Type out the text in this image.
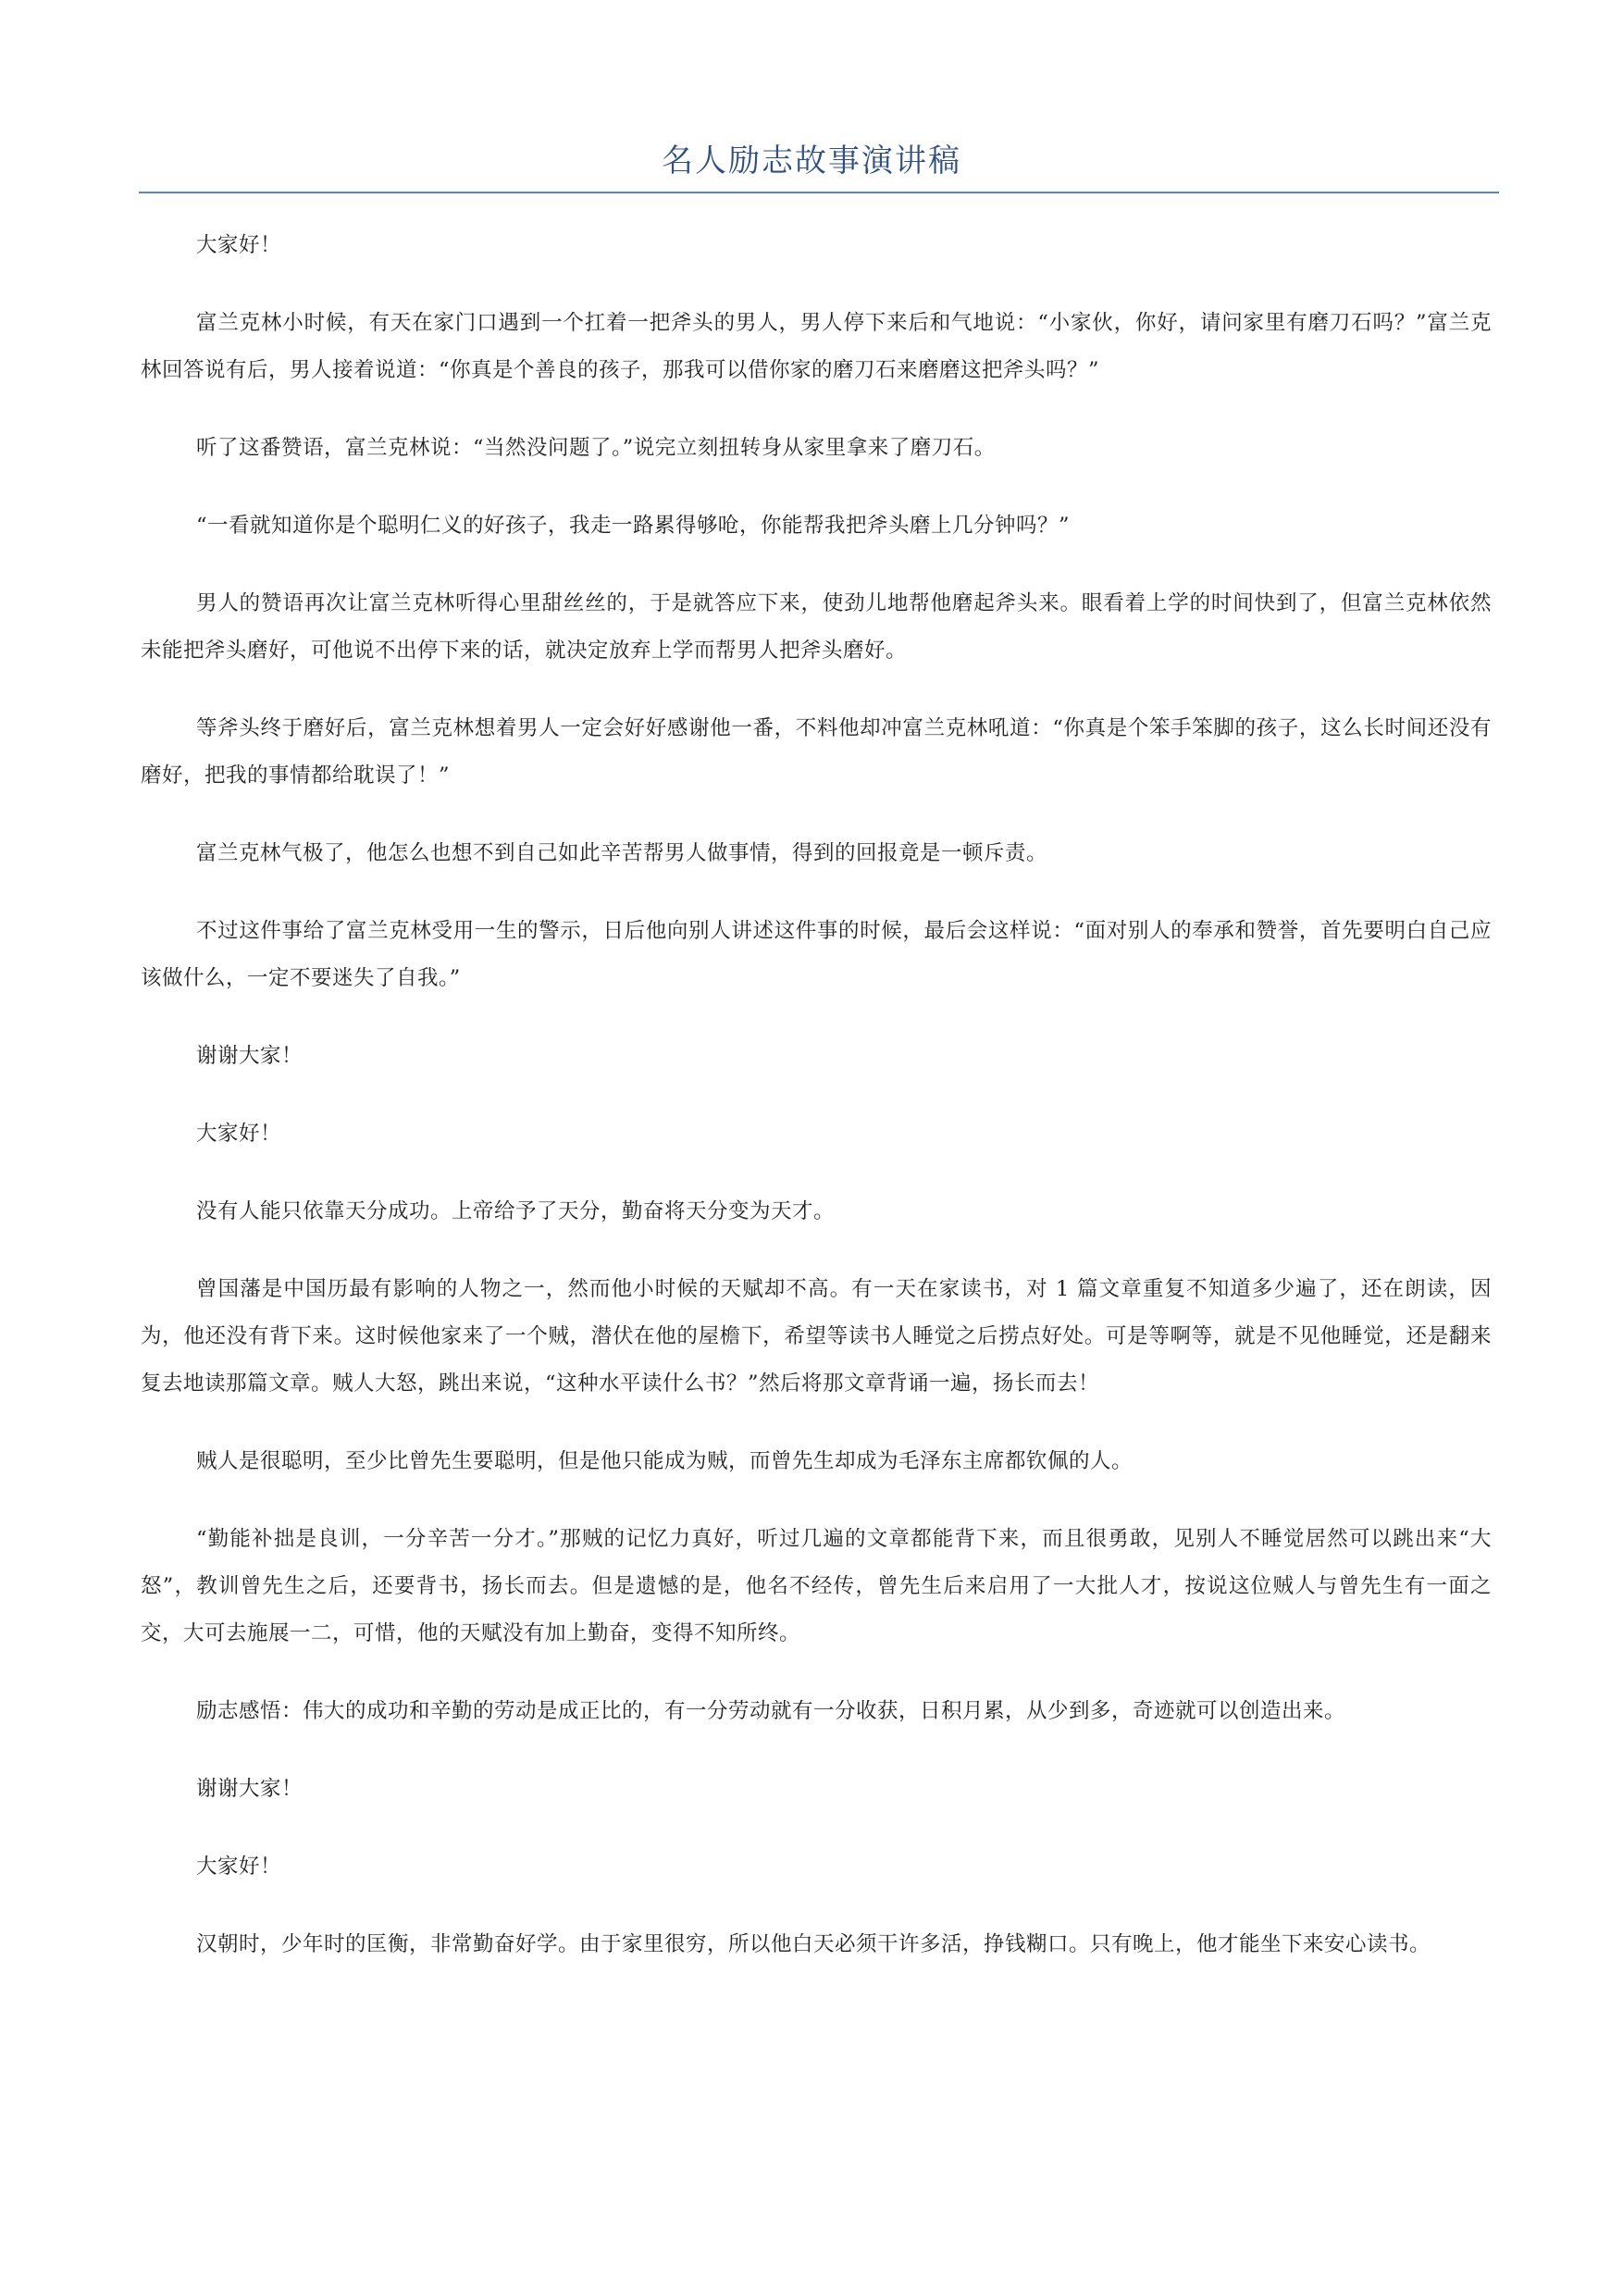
名人励志故事演讲稿

大家好！

富兰克林小时候，有天在家门口遇到一个扛着一把斧头的男人，男人停下来后和气地说：“小家伙，你好，请问家里有磨刀石吗？”富兰克林回答说有后，男人接着说道：“你真是个善良的孩子，那我可以借你家的磨刀石来磨磨这把斧头吗？”

听了这番赞语，富兰克林说：“当然没问题了。”说完立刻扭转身从家里拿来了磨刀石。

“一看就知道你是个聪明仁义的好孩子，我走一路累得够呛，你能帮我把斧头磨上几分钟吗？”

男人的赞语再次让富兰克林听得心里甜丝丝的，于是就答应下来，使劲儿地帮他磨起斧头来。眼看着上学的时间快到了，但富兰克林依然未能把斧头磨好，可他说不出停下来的话，就决定放弃上学而帮男人把斧头磨好。

等斧头终于磨好后，富兰克林想着男人一定会好好感谢他一番，不料他却冲富兰克林吼道：“你真是个笨手笨脚的孩子，这么长时间还没有磨好，把我的事情都给耽误了！”

富兰克林气极了，他怎么也想不到自己如此辛苦帮男人做事情，得到的回报竟是一顿斥责。

不过这件事给了富兰克林受用一生的警示，日后他向别人讲述这件事的时候，最后会这样说：“面对别人的奉承和赞誉，首先要明白自己应该做什么，一定不要迷失了自我。”

谢谢大家！

大家好！

没有人能只依靠天分成功。上帝给予了天分，勤奋将天分变为天才。

曾国藩是中国历最有影响的人物之一，然而他小时候的天赋却不高。有一天在家读书，对 1 篇文章重复不知道多少遍了，还在朗读，因为，他还没有背下来。这时候他家来了一个贼，潜伏在他的屋檐下，希望等读书人睡觉之后捞点好处。可是等啊等，就是不见他睡觉，还是翻来复去地读那篇文章。贼人大怒，跳出来说，“这种水平读什么书？”然后将那文章背诵一遍，扬长而去！

贼人是很聪明，至少比曾先生要聪明，但是他只能成为贼，而曾先生却成为毛泽东主席都钦佩的人。

“勤能补拙是良训，一分辛苦一分才。”那贼的记忆力真好，听过几遍的文章都能背下来，而且很勇敢，见别人不睡觉居然可以跳出来“大怒”，教训曾先生之后，还要背书，扬长而去。但是遗憾的是，他名不经传，曾先生后来启用了一大批人才，按说这位贼人与曾先生有一面之交，大可去施展一二，可惜，他的天赋没有加上勤奋，变得不知所终。

励志感悟：伟大的成功和辛勤的劳动是成正比的，有一分劳动就有一分收获，日积月累，从少到多，奇迹就可以创造出来。

谢谢大家！

大家好！

汉朝时，少年时的匡衡，非常勤奋好学。由于家里很穷，所以他白天必须干许多活，挣钱糊口。只有晚上，他才能坐下来安心读书。
